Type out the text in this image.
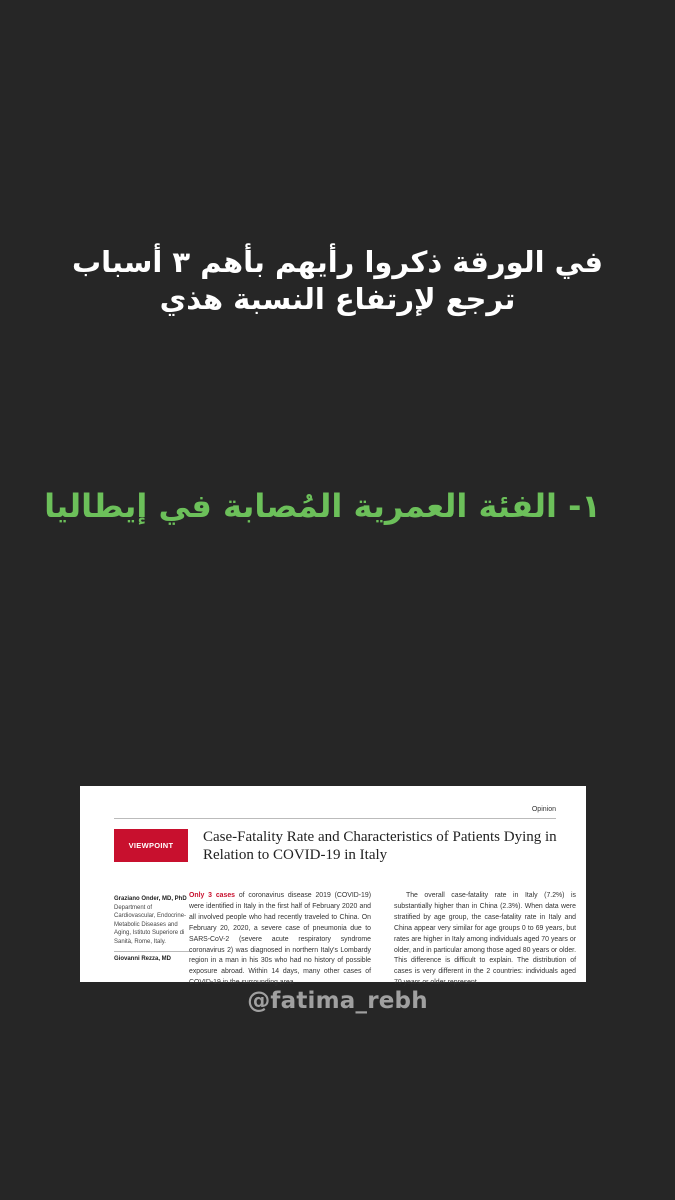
في الورقة ذكروا رأيهم بأهم ٣ أسباب
ترجع لإرتفاع النسبة هذي
١- الفئة العمرية المُصابة في إيطاليا
Opinion
VIEWPOINT
Case-Fatality Rate and Characteristics of Patients Dying in Relation to COVID-19 in Italy
Graziano Onder, MD, PhD
Department of Cardiovascular, Endocrine-Metabolic Diseases and Aging, Istituto Superiore di Sanità, Rome, Italy.
Giovanni Rezza, MD
Only 3 cases of coronavirus disease 2019 (COVID-19) were identified in Italy in the first half of February 2020 and all involved people who had recently traveled to China. On February 20, 2020, a severe case of pneumonia due to SARS-CoV-2 (severe acute respiratory syndrome coronavirus 2) was diagnosed in northern Italy's Lombardy region in a man in his 30s who had no history of possible exposure abroad. Within 14 days, many other cases of COVID-19 in the surrounding area
The overall case-fatality rate in Italy (7.2%) is substantially higher than in China (2.3%). When data were stratified by age group, the case-fatality rate in Italy and China appear very similar for age groups 0 to 69 years, but rates are higher in Italy among individuals aged 70 years or older, and in particular among those aged 80 years or older. This difference is difficult to explain. The distribution of cases is very different in the 2 countries: individuals aged 70 years or older represent
@fatima_rebh
